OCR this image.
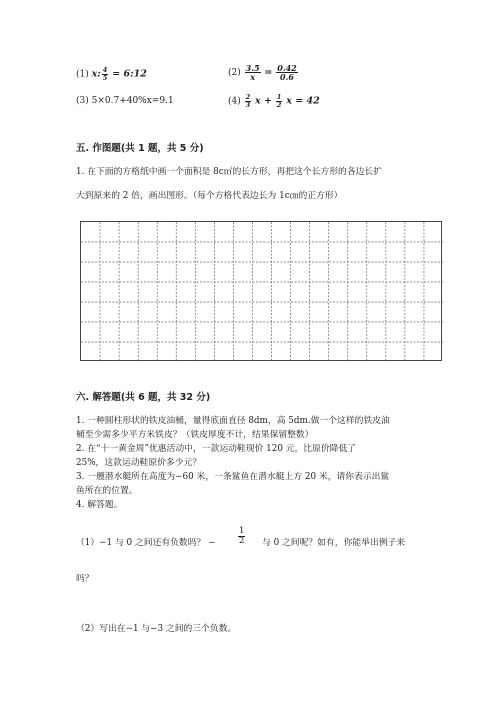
(1) x: $\frac{4}{5}$ = 6:12	$(2) \frac{3.5}{x} = \frac{0.42}{0.6}$
(3) 5×0.7+40%x=9.1	$(4) \frac{2}{3}$ $x + \frac{1}{2}$ x = 42
五. 作图题(共 1 题，共 5 分)
1. 在下面的方格纸中画一个面积是 8c㎡的长方形，再把这个长方形的各边长扩
大到原来的 2 倍，画出图形。（每个方格代表边长为 1c㎝的正方形）
六. 解答题(共 6 题，共 32 分)
1. 一种圆柱形状的铁皮油桶，量得底面直径 8dm，高 5dm.做一个这样的铁皮油
桶至少需多少平方米铁皮？（铁皮厚度不计，结果保留整数）
2. 在“十一黄金周”优惠活动中，一款运动鞋现价 120 元，比原价降低了
25%，这款运动鞋原价多少元？
3. 一艘潜水艇所在高度为−60 米，一条鲨鱼在潜水艇上方 20 米，请你表示出鲨
鱼所在的位置。
4. 解答题。
（1）−1 与 0 之间还有负数吗？ −	$\frac{1}{2}$ 与 0 之间呢？如有，你能举出例子来
吗？
（2）写出在−1 与−3 之间的三个负数。
